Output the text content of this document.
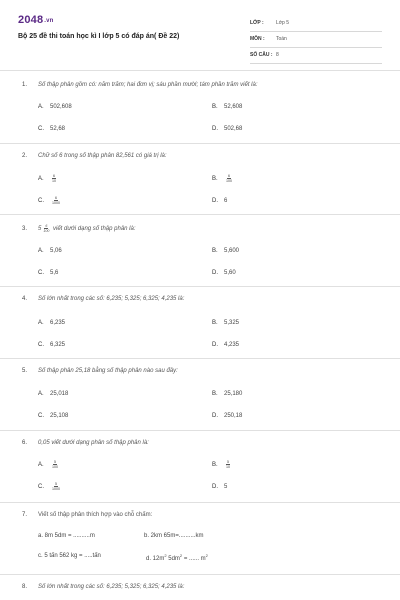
2048.vn
Bộ 25 đề thi toán học kì I lớp 5 có đáp án( Đề 22)
LỚP : Lớp 5
MÔN : Toán
SỐ CÂU : 8
1. Số thập phân gồm có: năm trăm; hai đơn vị; sáu phần mười; tám phần trăm viết là:
A. 502,608	B. 52,608
C. 52,68	D. 502,68
2. Chữ số 6 trong số thập phân 82,561 có giá trị là:
A. $\frac{6}{10}$	B. $\frac{6}{100}$
C. $\frac{6}{1000}$	D. 6
3. $5 \frac{6}{100}$ viết dưới dạng số thập phân là:
A. 5,06	B. 5,600
C. 5,6	D. 5,60
4. Số lớn nhất trong các số: 6,235; 5,325; 6,325; 4,235 là:
A. 6,235	B. 5,325
C. 6,325	D. 4,235
5. Số thập phân 25,18 bằng số thập phân nào sau đây:
A. 25,018	B. 25,180
C. 25,108	D. 250,18
6. 0,05 viết dưới dạng phân số thập phân là:
A. $\frac{5}{100}$	B. $\frac{5}{10}$
C. $\frac{5}{1000}$	D. 5
7. Viết số thập phân thích hợp vào chỗ chấm:
a. 8m 5dm = ..........m	b. 2km 65m=..........km
c. 5 tấn 562 kg = .....tấn	d. $12m^2$ $5dm^2$ = ...... $m^2$
8. Số lớn nhất trong các số: 6,235; 5,325; 6,325; 4,235 là:
